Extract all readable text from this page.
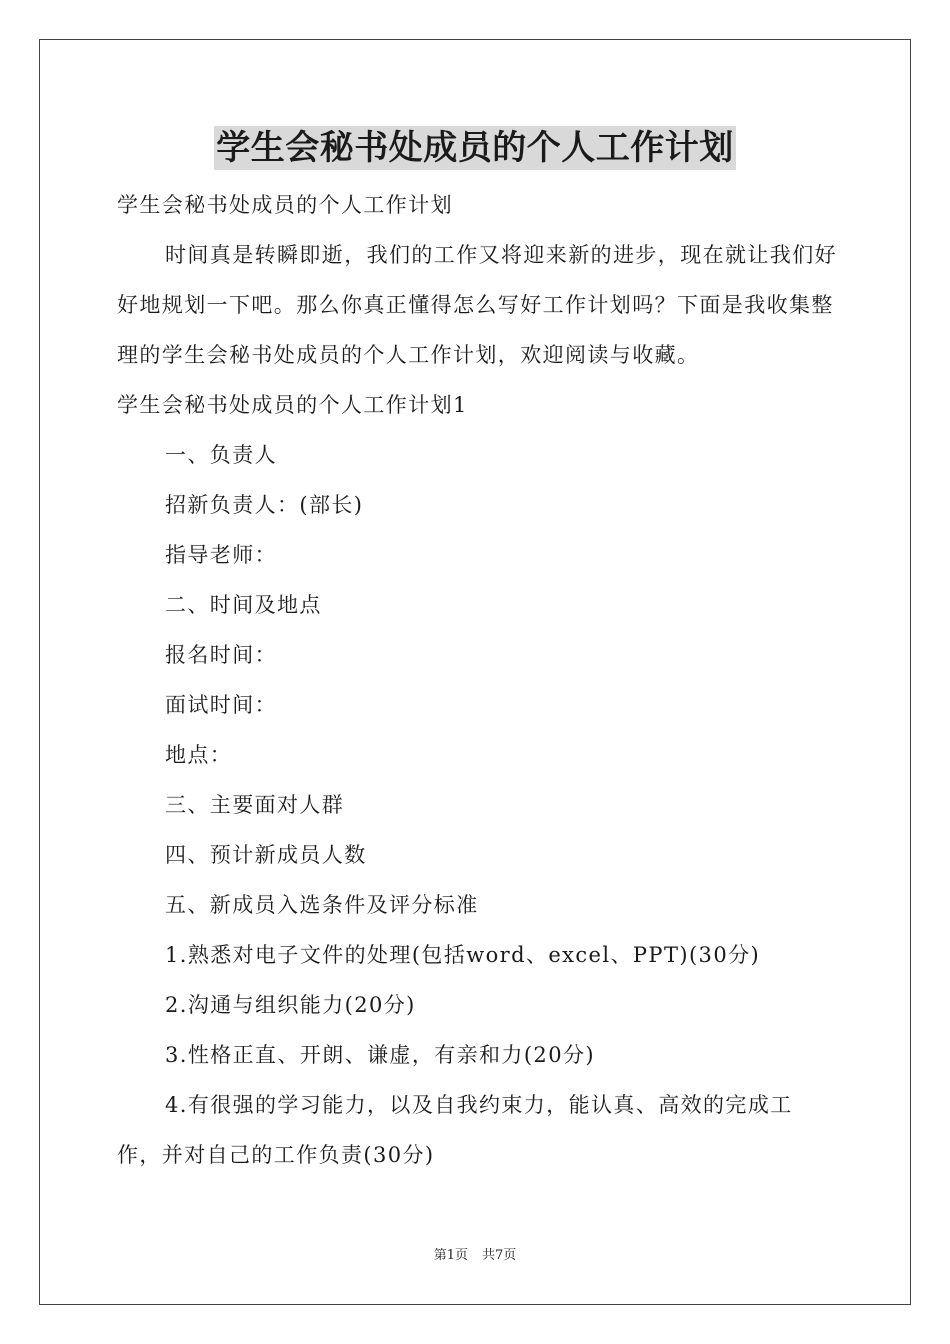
学生会秘书处成员的个人工作计划

学生会秘书处成员的个人工作计划

时间真是转瞬即逝，我们的工作又将迎来新的进步，现在就让我们好好地规划一下吧。那么你真正懂得怎么写好工作计划吗？下面是我收集整理的学生会秘书处成员的个人工作计划，欢迎阅读与收藏。

学生会秘书处成员的个人工作计划1

一、负责人

招新负责人：(部长)

指导老师：

二、时间及地点

报名时间：

面试时间：

地点：

三、主要面对人群

四、预计新成员人数

五、新成员入选条件及评分标准

1.熟悉对电子文件的处理(包括word、excel、PPT)(30分)

2.沟通与组织能力(20分)

3.性格正直、开朗、谦虚，有亲和力(20分)

4.有很强的学习能力，以及自我约束力，能认真、高效的完成工作，并对自己的工作负责(30分)

第1页 共7页
